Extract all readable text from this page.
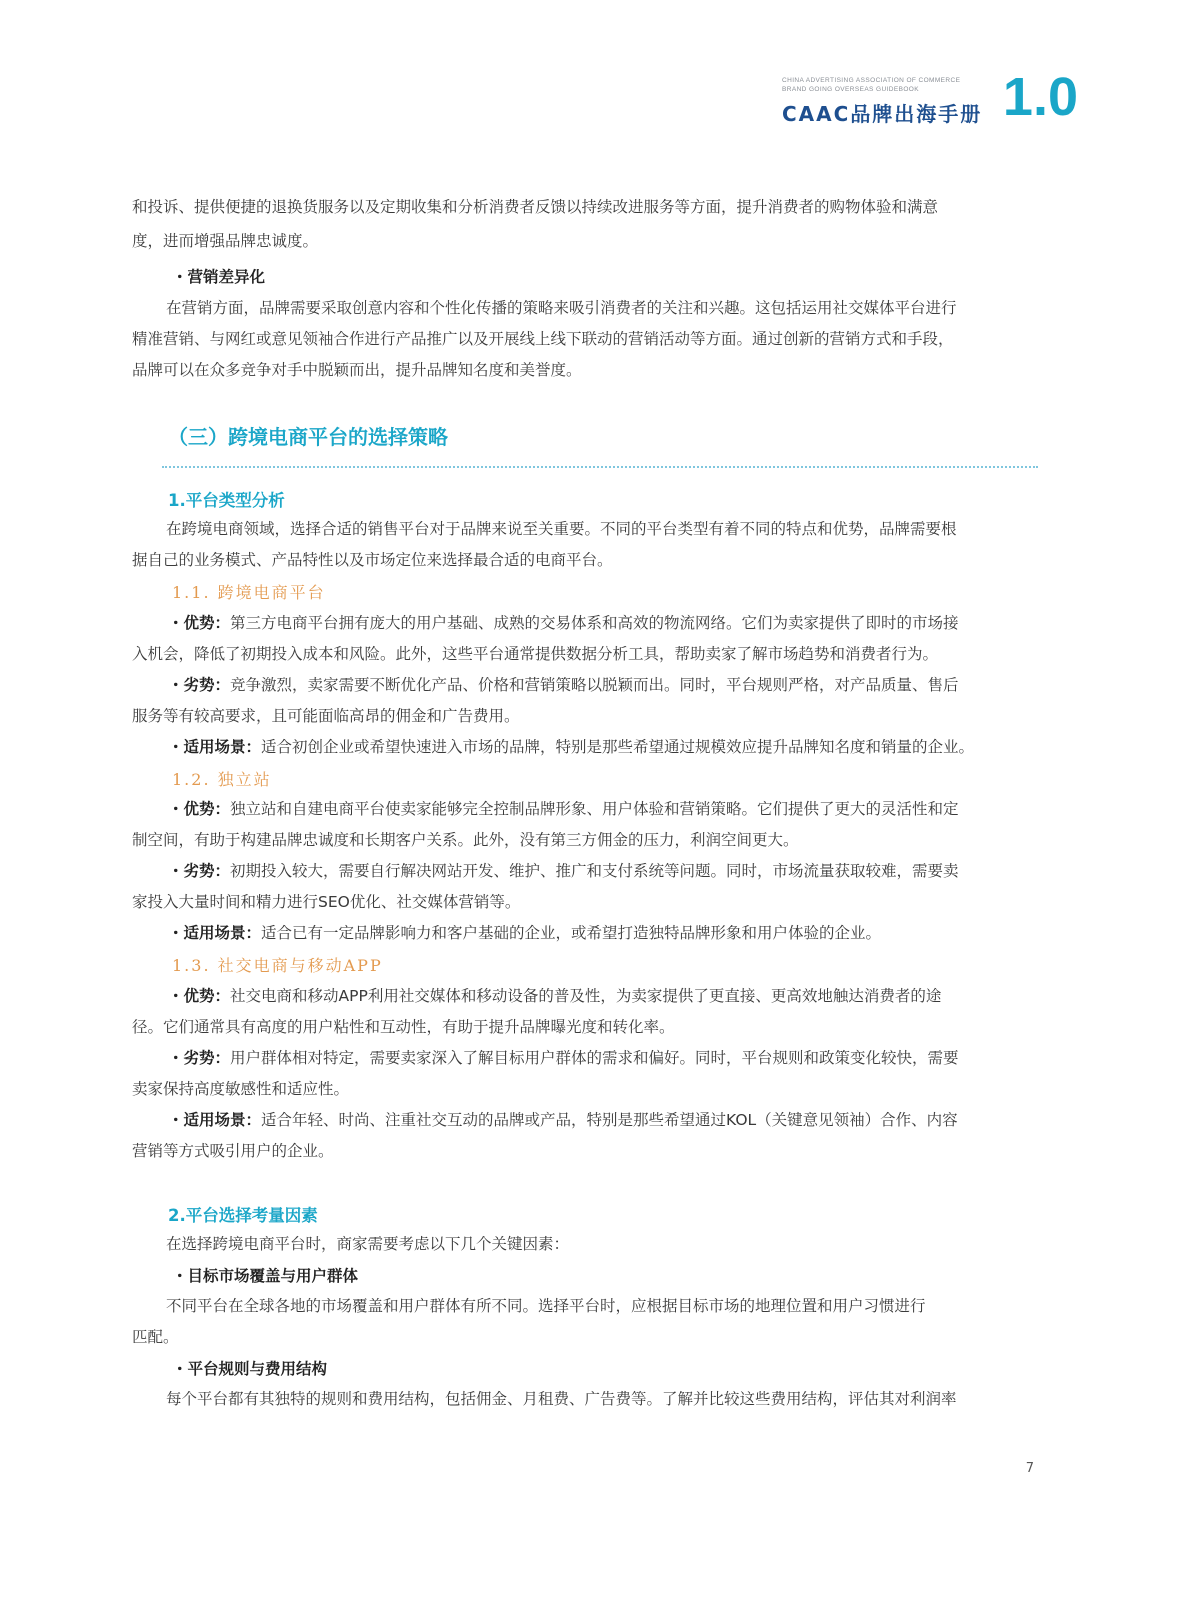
CHINA ADVERTISING ASSOCIATION OF COMMERCE
BRAND GOING OVERSEAS GUIDEBOOK
CAAC品牌出海手册 1.0
和投诉、提供便捷的退换货服务以及定期收集和分析消费者反馈以持续改进服务等方面，提升消费者的购物体验和满意
度，进而增强品牌忠诚度。
・营销差异化
在营销方面，品牌需要采取创意内容和个性化传播的策略来吸引消费者的关注和兴趣。这包括运用社交媒体平台进行
精准营销、与网红或意见领袖合作进行产品推广以及开展线上线下联动的营销活动等方面。通过创新的营销方式和手段，
品牌可以在众多竞争对手中脱颖而出，提升品牌知名度和美誉度。
（三）跨境电商平台的选择策略
1.平台类型分析
在跨境电商领域，选择合适的销售平台对于品牌来说至关重要。不同的平台类型有着不同的特点和优势，品牌需要根
据自己的业务模式、产品特性以及市场定位来选择最合适的电商平台。
1.1. 跨境电商平台
・优势：第三方电商平台拥有庞大的用户基础、成熟的交易体系和高效的物流网络。它们为卖家提供了即时的市场接
入机会，降低了初期投入成本和风险。此外，这些平台通常提供数据分析工具，帮助卖家了解市场趋势和消费者行为。
・劣势：竞争激烈，卖家需要不断优化产品、价格和营销策略以脱颖而出。同时，平台规则严格，对产品质量、售后
服务等有较高要求，且可能面临高昂的佣金和广告费用。
・适用场景：适合初创企业或希望快速进入市场的品牌，特别是那些希望通过规模效应提升品牌知名度和销量的企业。
1.2. 独立站
・优势：独立站和自建电商平台使卖家能够完全控制品牌形象、用户体验和营销策略。它们提供了更大的灵活性和定
制空间，有助于构建品牌忠诚度和长期客户关系。此外，没有第三方佣金的压力，利润空间更大。
・劣势：初期投入较大，需要自行解决网站开发、维护、推广和支付系统等问题。同时，市场流量获取较难，需要卖
家投入大量时间和精力进行SEO优化、社交媒体营销等。
・适用场景：适合已有一定品牌影响力和客户基础的企业，或希望打造独特品牌形象和用户体验的企业。
1.3. 社交电商与移动APP
・优势：社交电商和移动APP利用社交媒体和移动设备的普及性，为卖家提供了更直接、更高效地触达消费者的途
径。它们通常具有高度的用户粘性和互动性，有助于提升品牌曝光度和转化率。
・劣势：用户群体相对特定，需要卖家深入了解目标用户群体的需求和偏好。同时，平台规则和政策变化较快，需要
卖家保持高度敏感性和适应性。
・适用场景：适合年轻、时尚、注重社交互动的品牌或产品，特别是那些希望通过KOL（关键意见领袖）合作、内容
营销等方式吸引用户的企业。
2.平台选择考量因素
在选择跨境电商平台时，商家需要考虑以下几个关键因素：
・目标市场覆盖与用户群体
不同平台在全球各地的市场覆盖和用户群体有所不同。选择平台时，应根据目标市场的地理位置和用户习惯进行
匹配。
・平台规则与费用结构
每个平台都有其独特的规则和费用结构，包括佣金、月租费、广告费等。了解并比较这些费用结构，评估其对利润率
7
